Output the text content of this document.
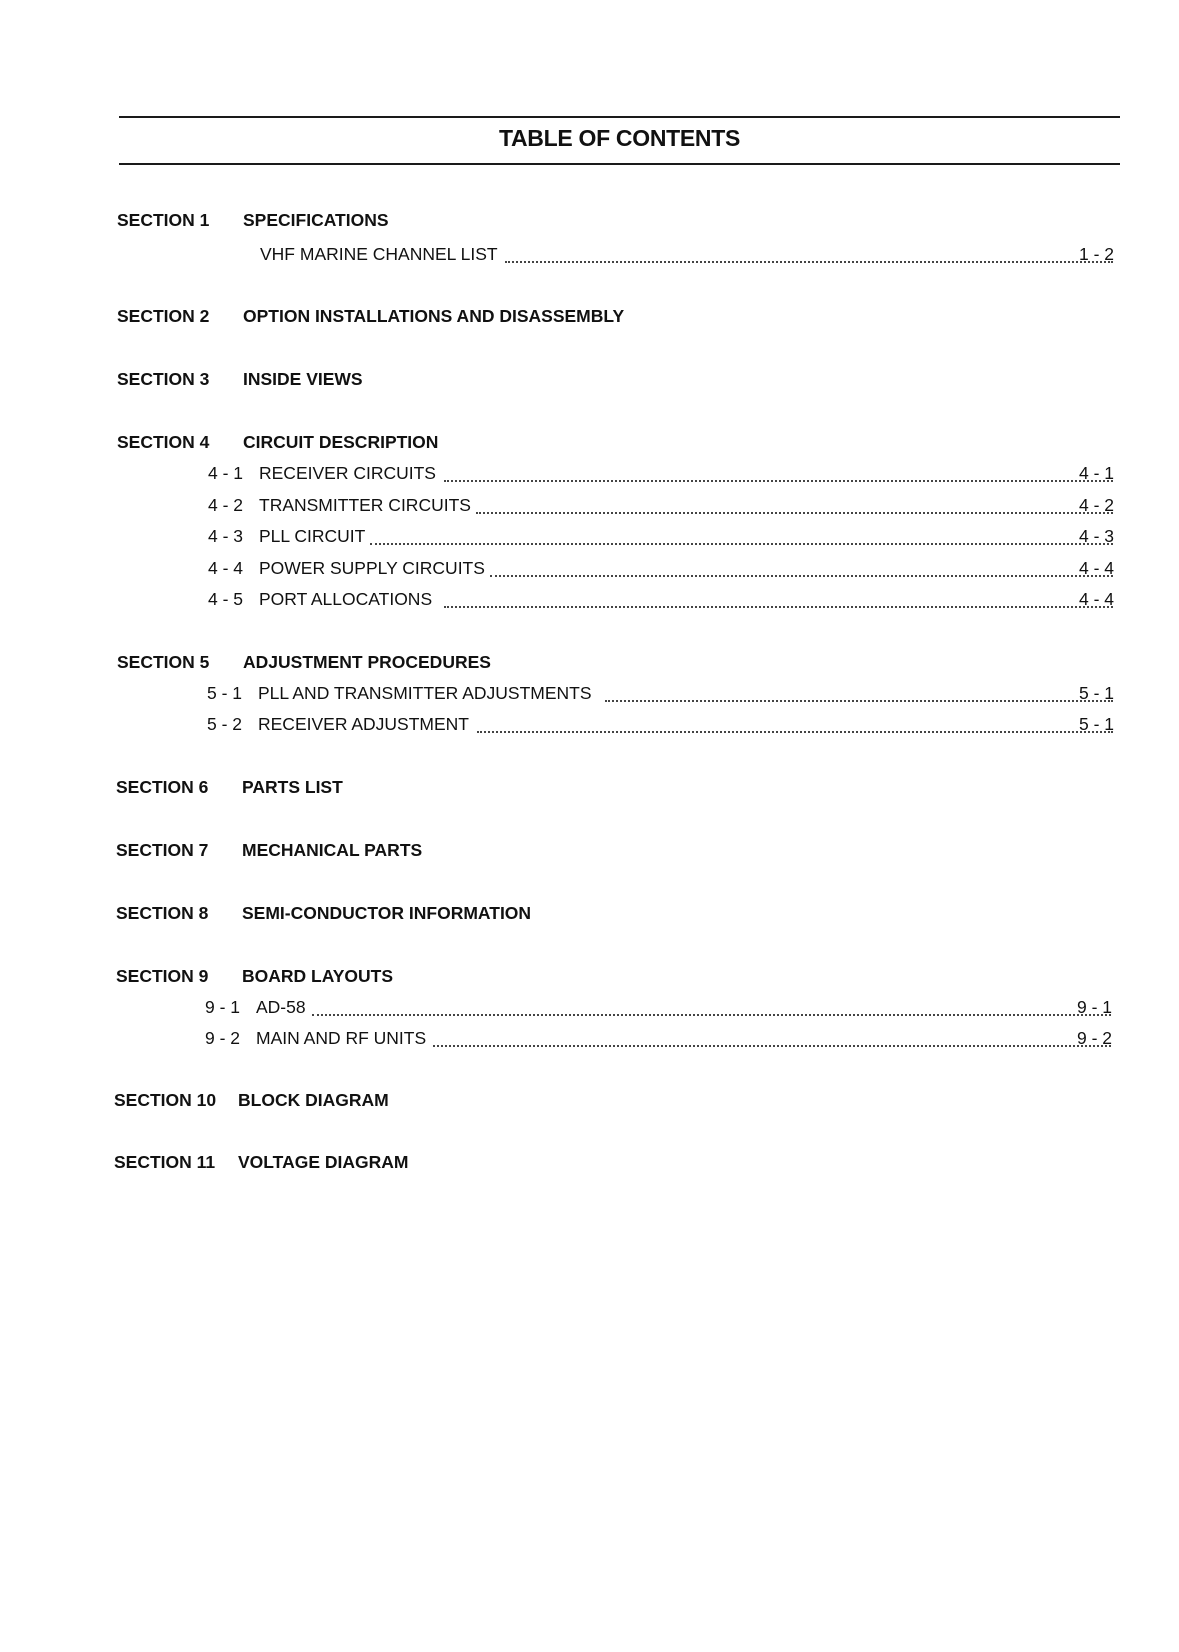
TABLE OF CONTENTS
SECTION 1 SPECIFICATIONS
VHF MARINE CHANNEL LIST	1 - 2
SECTION 2 OPTION INSTALLATIONS AND DISASSEMBLY
SECTION 3 INSIDE VIEWS
SECTION 4 CIRCUIT DESCRIPTION
4 - 1 RECEIVER CIRCUITS	4 - 1
4 - 2 TRANSMITTER CIRCUITS	4 - 2
4 - 3 PLL CIRCUIT	4 - 3
4 - 4 POWER SUPPLY CIRCUITS	4 - 4
4 - 5 PORT ALLOCATIONS	4 - 4
SECTION 5 ADJUSTMENT PROCEDURES
5 - 1 PLL AND TRANSMITTER ADJUSTMENTS	5 - 1
5 - 2 RECEIVER ADJUSTMENT	5 - 1
SECTION 6 PARTS LIST
SECTION 7 MECHANICAL PARTS
SECTION 8 SEMI-CONDUCTOR INFORMATION
SECTION 9 BOARD LAYOUTS
9 - 1 AD-58	9 - 1
9 - 2 MAIN AND RF UNITS	9 - 2
SECTION 10 BLOCK DIAGRAM
SECTION 11 VOLTAGE DIAGRAM
